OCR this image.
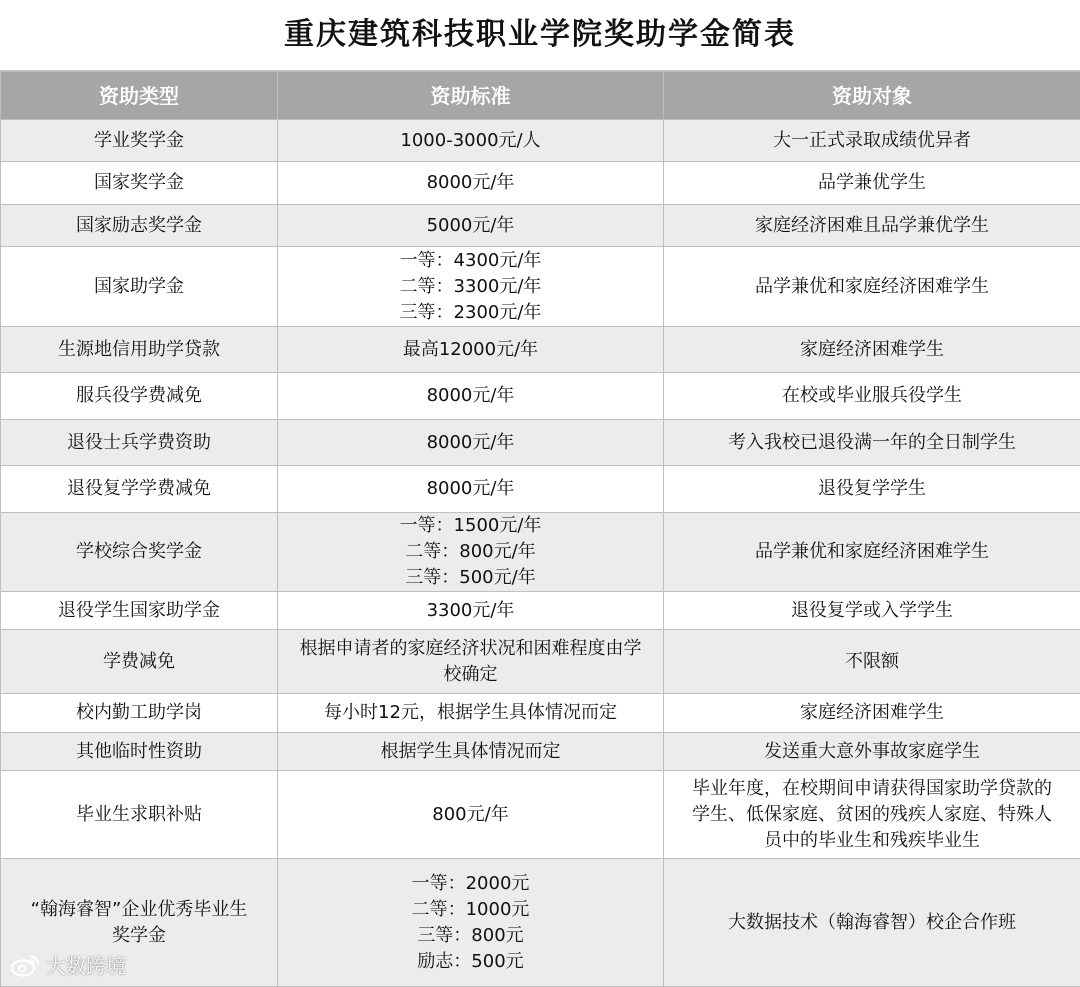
重庆建筑科技职业学院奖助学金简表
资助类型	资助标准	资助对象

学业奖学金	1000-3000元/人	大一正式录取成绩优异者

国家奖学金	8000元/年	品学兼优学生

国家励志奖学金	5000元/年	家庭经济困难且品学兼优学生

国家助学金	一等：4300元/年
二等：3300元/年
三等：2300元/年	品学兼优和家庭经济困难学生

生源地信用助学贷款	最高12000元/年	家庭经济困难学生

服兵役学费减免	8000元/年	在校或毕业服兵役学生

退役士兵学费资助	8000元/年	考入我校已退役满一年的全日制学生

退役复学学费减免	8000元/年	退役复学学生

学校综合奖学金	一等：1500元/年
二等：800元/年
三等：500元/年	品学兼优和家庭经济困难学生

退役学生国家助学金	3300元/年	退役复学或入学学生

学费减免	根据申请者的家庭经济状况和困难程度由学
校确定	不限额

校内勤工助学岗	每小时12元，根据学生具体情况而定	家庭经济困难学生

其他临时性资助	根据学生具体情况而定	发送重大意外事故家庭学生

毕业生求职补贴	800元/年	毕业年度，在校期间申请获得国家助学贷款的
学生、低保家庭、贫困的残疾人家庭、特殊人
员中的毕业生和残疾毕业生

“翰海睿智”企业优秀毕业生
奖学金	一等：2000元
二等：1000元
三等：800元
励志：500元	大数据技术（翰海睿智）校企合作班
大数跨境
